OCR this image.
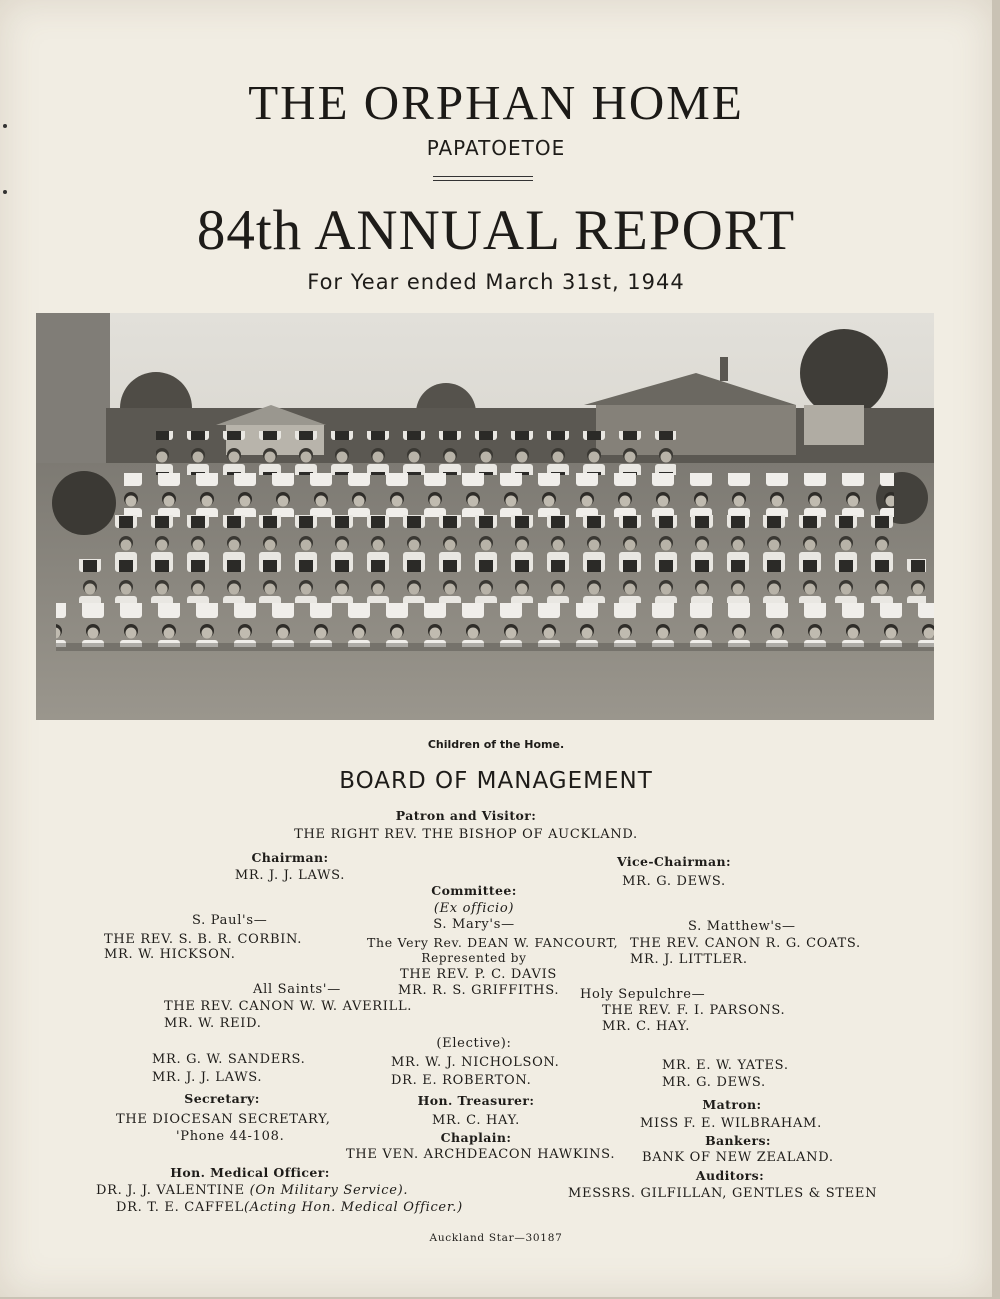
THE ORPHAN HOME
PAPATOETOE
84th ANNUAL REPORT
For Year ended March 31st, 1944
Children of the Home.
BOARD OF MANAGEMENT
Patron and Visitor:
THE RIGHT REV. THE BISHOP OF AUCKLAND.
Chairman:
MR. J. J. LAWS.
Vice-Chairman:
MR. G. DEWS.
Committee:
(Ex officio)
S. Paul's—
THE REV. S. B. R. CORBIN.
MR. W. HICKSON.
S. Mary's—
The Very Rev. DEAN W. FANCOURT,
Represented by
THE REV. P. C. DAVIS
MR. R. S. GRIFFITHS.
S. Matthew's—
THE REV. CANON R. G. COATS.
MR. J. LITTLER.
All Saints'—
THE REV. CANON W. W. AVERILL.
MR. W. REID.
Holy Sepulchre—
THE REV. F. I. PARSONS.
MR. C. HAY.
(Elective):
MR. G. W. SANDERS.
MR. J. J. LAWS.
MR. W. J. NICHOLSON.
DR. E. ROBERTON.
MR. E. W. YATES.
MR. G. DEWS.
Secretary:
THE DIOCESAN SECRETARY,
'Phone 44-108.
Hon. Treasurer:
MR. C. HAY.
Chaplain:
THE VEN. ARCHDEACON HAWKINS.
Matron:
MISS F. E. WILBRAHAM.
Bankers:
BANK OF NEW ZEALAND.
Hon. Medical Officer:
DR. J. J. VALENTINE (On Military Service).
DR. T. E. CAFFEL(Acting Hon. Medical Officer.)
Auditors:
MESSRS. GILFILLAN, GENTLES & STEEN
Auckland Star—30187
